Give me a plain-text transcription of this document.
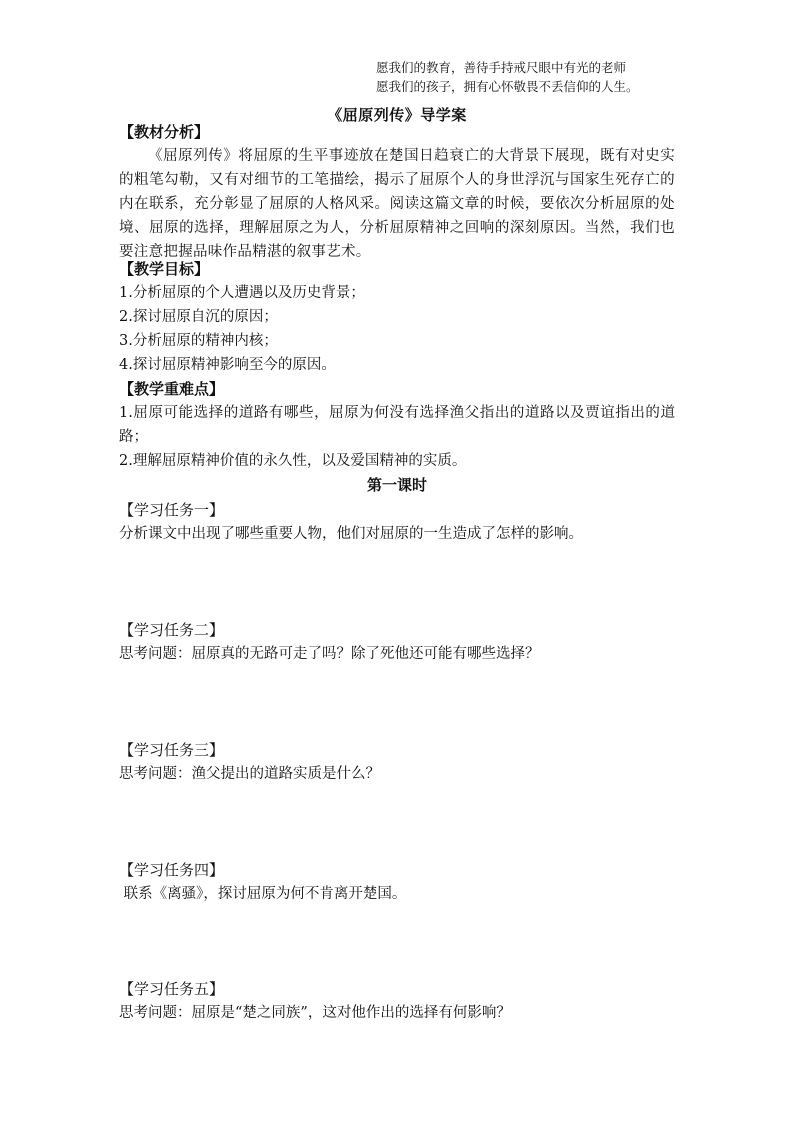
愿我们的教育，善待手持戒尺眼中有光的老师
愿我们的孩子，拥有心怀敬畏不丢信仰的人生。
《屈原列传》导学案
【教材分析】
《屈原列传》将屈原的生平事迹放在楚国日趋衰亡的大背景下展现，既有对史实的粗笔勾勒，又有对细节的工笔描绘，揭示了屈原个人的身世浮沉与国家生死存亡的内在联系，充分彰显了屈原的人格风采。阅读这篇文章的时候，要依次分析屈原的处境、屈原的选择，理解屈原之为人，分析屈原精神之回响的深刻原因。当然，我们也要注意把握品味作品精湛的叙事艺术。
【教学目标】
1.分析屈原的个人遭遇以及历史背景；
2.探讨屈原自沉的原因；
3.分析屈原的精神内核；
4.探讨屈原精神影响至今的原因。
【教学重难点】
1.屈原可能选择的道路有哪些，屈原为何没有选择渔父指出的道路以及贾谊指出的道路；
2.理解屈原精神价值的永久性，以及爱国精神的实质。
第一课时
【学习任务一】
分析课文中出现了哪些重要人物，他们对屈原的一生造成了怎样的影响。
【学习任务二】
思考问题：屈原真的无路可走了吗？除了死他还可能有哪些选择？
【学习任务三】
思考问题：渔父提出的道路实质是什么？
【学习任务四】
联系《离骚》，探讨屈原为何不肯离开楚国。
【学习任务五】
思考问题：屈原是“楚之同族”，这对他作出的选择有何影响？
